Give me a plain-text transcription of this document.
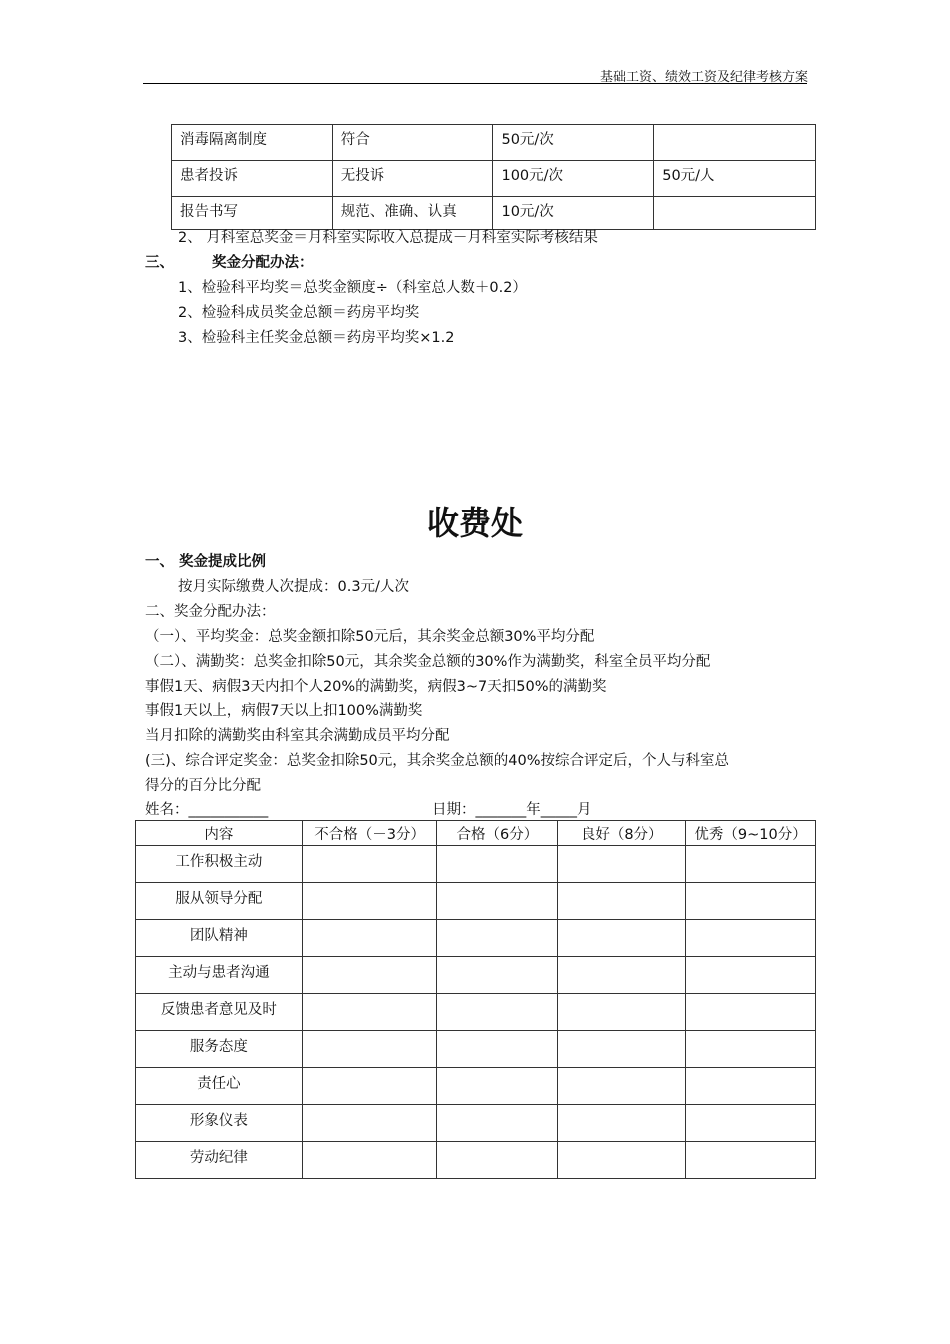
基础工资、绩效工资及纪律考核方案
消毒隔离制度	符合	50元/次	
患者投诉	无投诉	100元/次	50元/人
报告书写	规范、准确、认真	10元/次	
2、 月科室总奖金＝月科室实际收入总提成－月科室实际考核结果
三、	奖金分配办法：
1、检验科平均奖＝总奖金额度÷（科室总人数＋0.2）
2、检验科成员奖金总额＝药房平均奖
3、检验科主任奖金总额＝药房平均奖×1.2
收费处
一、 奖金提成比例
按月实际缴费人次提成：0.3元/人次
二、奖金分配办法：
（一）、平均奖金：总奖金额扣除50元后，其余奖金总额30%平均分配
（二）、满勤奖：总奖金扣除50元，其余奖金总额的30%作为满勤奖，科室全员平均分配
事假1天、病假3天内扣个人20%的满勤奖，病假3~7天扣50%的满勤奖
事假1天以上，病假7天以上扣100%满勤奖
当月扣除的满勤奖由科室其余满勤成员平均分配
(三)、综合评定奖金：总奖金扣除50元，其余奖金总额的40%按综合评定后，个人与科室总
得分的百分比分配
姓名：___________	日期：_______年_____月
内容	不合格（－3分）	合格（6分）	良好（8分）	优秀（9~10分）
工作积极主动				
服从领导分配				
团队精神				
主动与患者沟通				
反馈患者意见及时				
服务态度				
责任心				
形象仪表				
劳动纪律				
